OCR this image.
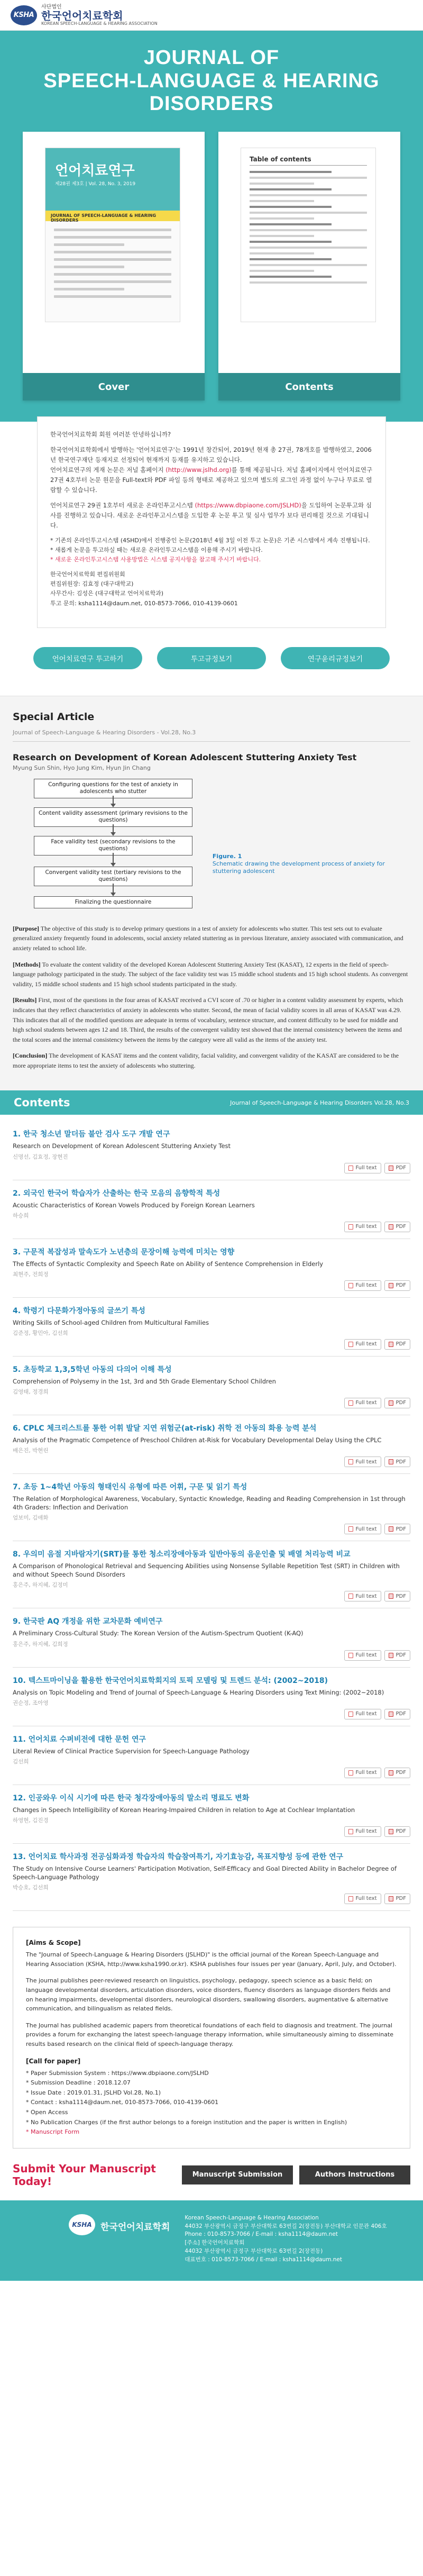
KSHA
사단법인
한국언어치료학회
KOREAN SPEECH-LANGUAGE & HEARING ASSOCIATION
JOURNAL OF
SPEECH-LANGUAGE & HEARING DISORDERS
언어치료연구
제28권 제3호 | Vol. 28, No. 3, 2019
JOURNAL OF SPEECH-LANGUAGE & HEARING DISORDERS
Cover
Table of contents
Contents

한국언어치료학회 회원 여러분 안녕하십니까?

한국언어치료학회에서 발행하는 '언어치료연구'는 1991년 창간되어, 2019년 현재 총 27권, 78개호를 발행하였고, 2006년 한국연구재단 등재지로 선정되어 현재까지 등재를 유지하고 있습니다.
언어치료연구의 게재 논문은 저널 홈페이지 (http://www.jslhd.org)를 통해 제공됩니다. 저널 홈페이지에서 언어치료연구 27권 4호부터 논문 원문을 Full-text와 PDF 파일 등의 형태로 제공하고 있으며 별도의 로그인 과정 없이 누구나 무료로 열람할 수 있습니다.

언어치료연구 29권 1호부터 새로운 온라인투고시스템 (https://www.dbpiaone.com/JSLHD)을 도입하여 논문투고와 심사를 진행하고 있습니다. 새로운 온라인투고시스템을 도입한 후 논문 투고 및 심사 업무가 보다 편리해질 것으로 기대됩니다.

* 기존의 온라인투고시스템 (4SHD)에서 진행중인 논문(2018년 4월 3일 이전 투고 논문)은 기존 시스템에서 계속 진행됩니다.
* 새롭게 논문을 투고하실 때는 새로운 온라인투고시스템을 이용해 주시기 바랍니다.
* 새로운 온라인투고시스템 사용방법은 시스템 공지사항을 참고해 주시기 바랍니다.

한국언어치료학회 편집위원회
편집위원장: 김효정 (대구대학교)
사무간사: 김성은 (대구대학교 언어치료학과)
투고 문의: ksha1114@daum.net, 010-8573-7066, 010-4139-0601

언어치료연구 투고하기	투고규정보기	연구윤리규정보기
Special Article
Journal of Speech-Language & Hearing Disorders - Vol.28, No.3
Research on Development of Korean Adolescent Stuttering Anxiety Test
Myung Sun Shin, Hyo Jung Kim, Hyun Jin Chang
Configuring questions for the test of anxiety in adolescents who stutter
Content validity assessment (primary revisions to the questions)
Face validity test (secondary revisions to the questions)
Convergent validity test (tertiary revisions to the questions)
Finalizing the questionnaire
Figure. 1
Schematic drawing the development process of anxiety for stuttering adolescent

[Purpose] The objective of this study is to develop primary questions in a test of anxiety for adolescents who stutter. This test sets out to evaluate generalized anxiety frequently found in adolescents, social anxiety related stuttering as in previous literature, anxiety associated with communication, and anxiety related to school life.

[Methods] To evaluate the content validity of the developed Korean Adolescent Stuttering Anxiety Test (KASAT), 12 experts in the field of speech-language pathology participated in the study. The subject of the face validity test was 15 middle school students and 15 high school students. As convergent validity, 15 middle school students and 15 high school students participated in the study.

[Results] First, most of the questions in the four areas of KASAT received a CVI score of .70 or higher in a content validity assessment by experts, which indicates that they reflect characteristics of anxiety in adolescents who stutter. Second, the mean of facial validity scores in all areas of KASAT was 4.29. This indicates that all of the modified questions are adequate in terms of vocabulary, sentence structure, and content difficulty to be used for middle and high school students between ages 12 and 18. Third, the results of the convergent validity test showed that the internal consistency between the items and the total scores and the internal consistency between the items by the category were all valid as the items of the anxiety test.

[Conclusion] The development of KASAT items and the content validity, facial validity, and convergent validity of the KASAT are considered to be the more appropriate items to test the anxiety of adolescents who stuttering.

Contents	Journal of Speech-Language & Hearing Disorders Vol.28, No.3
1. 한국 청소년 말더듬 불안 검사 도구 개발 연구
Research on Development of Korean Adolescent Stuttering Anxiety Test
신명선, 김효정, 장현진
Full text	PDF
2. 외국인 한국어 학습자가 산출하는 한국 모음의 음향학적 특성
Acoustic Characteristics of Korean Vowels Produced by Foreign Korean Learners
하승희
Full text	PDF
3. 구문적 복잡성과 말속도가 노년층의 문장이해 능력에 미치는 영향
The Effects of Syntactic Complexity and Speech Rate on Ability of Sentence Comprehension in Elderly
최현주, 전희정
Full text	PDF
4. 학령기 다문화가정아동의 글쓰기 특성
Writing Skills of School-aged Children from Multicultural Families
김준정, 황민아, 김선희
Full text	PDF
5. 초등학교 1,3,5학년 아동의 다의어 이해 특성
Comprehension of Polysemy in the 1st, 3rd and 5th Grade Elementary School Children
김영태, 정경희
Full text	PDF
6. CPLC 체크리스트를 통한 어휘 발달 지연 위험군(at-risk) 취학 전 아동의 화용 능력 분석
Analysis of the Pragmatic Competence of Preschool Children at-Risk for Vocabulary Developmental Delay Using the CPLC
배은진, 박현린
Full text	PDF
7. 초등 1~4학년 아동의 형태인식 유형에 따른 어휘, 구문 및 읽기 특성
The Relation of Morphological Awareness, Vocabulary, Syntactic Knowledge, Reading and Reading Comprehension in 1st through 4th Graders: Inflection and Derivation
엄보미, 김애화
Full text	PDF
8. 우의미 음절 지바람자기(SRT)를 통한 청소리장애아동과 일반아동의 음운인출 및 배열 처리능력 비교
A Comparison of Phonological Retrieval and Sequencing Abilities using Nonsense Syllable Repetition Test (SRT) in Children with and without Speech Sound Disorders
홍은주, 하지혜, 김정미
Full text	PDF
9. 한국판 AQ 개정을 위한 교차문화 예비연구
A Preliminary Cross-Cultural Study: The Korean Version of the Autism-Spectrum Quotient (K-AQ)
홍은주, 하지혜, 김희정
Full text	PDF
10. 텍스트마이닝을 활용한 한국언어치료학회지의 토픽 모델링 및 트렌드 분석: (2002~2018)
Analysis on Topic Modeling and Trend of Journal of Speech-Language & Hearing Disorders using Text Mining: (2002~2018)
권순정, 조아영
Full text	PDF
11. 언어치료 수퍼비전에 대한 문헌 연구
Literal Review of Clinical Practice Supervision for Speech-Language Pathology
김선희
Full text	PDF
12. 인공와우 이식 시기에 따른 한국 청각장애아동의 말소리 명료도 변화
Changes in Speech Intelligibility of Korean Hearing-Impaired Children in relation to Age at Cochlear Implantation
하영현, 김진경
Full text	PDF
13. 언어치료 학사과정 전공심화과정 학습자의 학습참여특기, 자기효능감, 목표지향성 등에 관한 연구
The Study on Intensive Course Learners' Participation Motivation, Self-Efficacy and Goal Directed Ability in Bachelor Degree of Speech-Language Pathology
박승호, 김선희
Full text	PDF
[Aims & Scope]

The "Journal of Speech-Language & Hearing Disorders (JSLHD)" is the official journal of the Korean Speech-Language and Hearing Association (KSHA, http://www.ksha1990.or.kr). KSHA publishes four issues per year (January, April, July, and October).

The journal publishes peer-reviewed research on linguistics, psychology, pedagogy, speech science as a basic field; on language developmental disorders, articulation disorders, voice disorders, fluency disorders as language disorders fields and on hearing impairments, developmental disorders, neurological disorders, swallowing disorders, augmentative & alternative communication, and bilingualism as related fields.

The Journal has published academic papers from theoretical foundations of each field to diagnosis and treatment. The journal provides a forum for exchanging the latest speech-language therapy information, while simultaneously aiming to disseminate results based research on the clinical field of speech-language therapy.

[Call for paper]
* Paper Submission System : https://www.dbpiaone.com/JSLHD
* Submission Deadline : 2018.12.07
* Issue Date : 2019.01.31, JSLHD Vol.28, No.1)
* Contact : ksha1114@daum.net, 010-8573-7066, 010-4139-0601
* Open Access
* No Publication Charges (if the first author belongs to a foreign institution and the paper is written in English)
* Manuscript Form
Submit Your Manuscript Today!	Manuscript Submission	Authors Instructions
KSHA 한국언어치료학회
Korean Speech-Language & Hearing Association
44032 부산광역시 금정구 부산대학로 63번길 2(장전동) 부산대학교 인문관 406호
Phone : 010-8573-7066 / E-mail : ksha1114@daum.net
[주소] 한국언어치료학회
44032 부산광역시 금정구 부산대학로 63번길 2(장전동)
대표번호 : 010-8573-7066 / E-mail : ksha1114@daum.net
